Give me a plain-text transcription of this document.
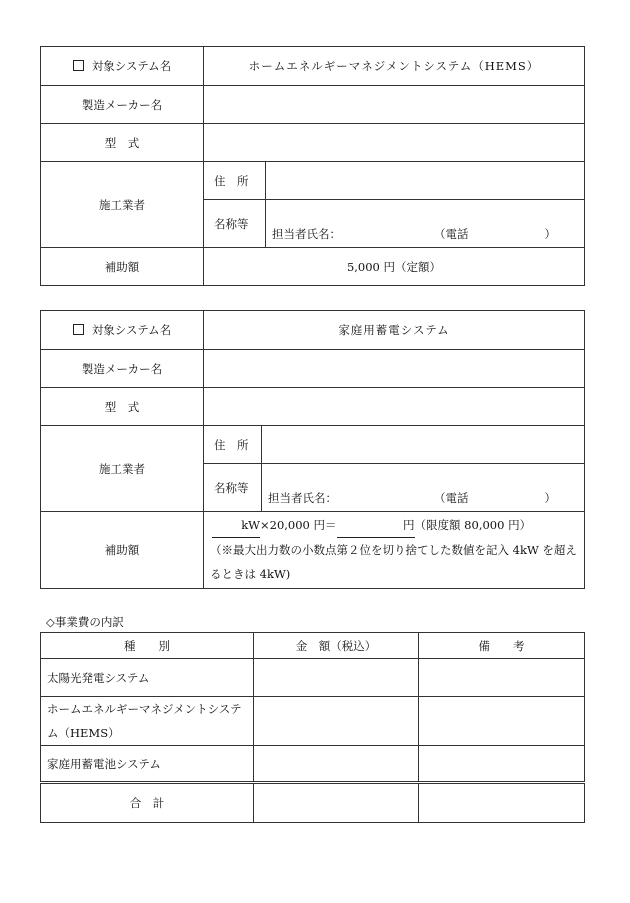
対象システム名	ホームエネルギーマネジメントシステム（HEMS）	
製造メーカー名		
型　式		
施工業者	住　所	
	名称等	担当者氏名： （電話 ）

補助額	5,000 円（定額）	
対象システム名	家庭用蓄電システム	
製造メーカー名		
型　式		
施工業者	住　所	
	名称等	担当者氏名： （電話 ）

補助額	kW×20,000 円＝ 円（限度額 80,000 円）
（※最大出力数の小数点第２位を切り捨てした数値を記入 4kW を超えるときは 4kW)	
◇事業費の内訳
種　　別	金　額（税込）	備　　考
太陽光発電システム		
ホームエネルギーマネジメントシステム（HEMS）		
家庭用蓄電池システム		
合　計		
